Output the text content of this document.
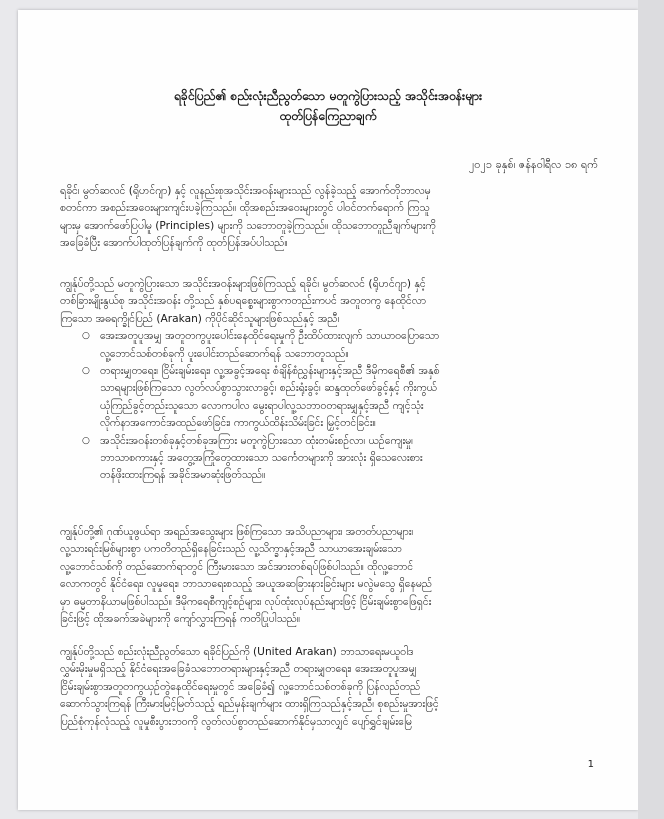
ရခိုင်ပြည်၏ စည်းလုံးညီညွတ်သော မတူကွဲပြားသည့် အသိုင်းအဝန်းများ
ထုတ်ပြန်ကြေညာချက်
၂၀၂၁ ခုနှစ်၊ ဇန်နဝါရီလ ၁၈ ရက်
ရခိုင်၊ မွတ်ဆလင် (ရိုဟင်ဂျာ) နှင့် လူနည်းစုအသိုင်းအဝန်းများသည် လွန်ခဲ့သည့် အောက်တိုဘာလမှ
စတင်ကာ အစည်းအဝေးများကျင်းပခဲ့ကြသည်။ ထိုအစည်းအဝေးများတွင် ပါဝင်တက်ရောက် ကြသူ
များမှ အောက်ဖော်ပြပါမူ (Principles) များကို သဘောတူခဲ့ကြသည်။ ထိုသဘောတူညီချက်များကို
အခြေခံပြီး အောက်ပါထုတ်ပြန်ချက်ကို ထုတ်ပြန်အပ်ပါသည်။
ကျွန်ုပ်တို့သည် မတူကွဲပြားသော အသိုင်းအဝန်းများဖြစ်ကြသည့် ရခိုင်၊ မွတ်ဆလင် (ရိုဟင်ဂျာ) နှင့်
တစ်ခြားမျိုးနွယ်စု အသိုင်းအဝန်း တို့သည် နှစ်ပရစ္စေးများစွာကတည်းကပင် အတူတကွ နေထိုင်လာ
ကြသော အဓရက္ခိုင်ပြည် (Arakan) ကိုပိုင်ဆိုင်သူများဖြစ်သည်နှင့် အညီ၊
○ အေးအတူပူအမျှ အတူတကွပူးပေါင်းနေထိုင်ရေးမှုကို ဦးထိပ်ထားလျက် သာယာဝပြောသော
လူ့ဘောင်သစ်တစ်ခုကို ပူးပေါင်းတည်ဆောက်ရန် သဘောတူသည်။
○ တရားမျှတရေး၊ ငြိမ်းချမ်းရေး၊ လူ့အခွင့်အရေး စံချိန်စံညွှန်းများနှင့်အညီ ဒီမိုကရေစီ၏ အနှစ်
သာရများဖြစ်ကြသော လွတ်လပ်စွာသွားလာခွင့်၊ စည်းရုံးခွင့်၊ ဆန္ဒထုတ်ဖော်ခွင့်နှင့် ကိုးကွယ်
ယုံကြည်ခွင့်တည်းသူသော လောကပါလ မွေးရာပါလူ့သဘာဝတရားမျှနှင့်အညီ ကျင့်သုံး
လိုက်နာအကောင်အထည်ဖော်ခြင်း၊ ကာကွယ်ထိန်းသိမ်းခြင်း မြှင့်တင်ခြင်း။
○ အသိုင်းအဝန်းတစ်ခုနှင့်တစ်ခုအကြား မတူကွဲပြားသော ထုံးတမ်းစဉ်လာ၊ ယဉ်ကျေးမှု၊
ဘာသာစကားနှင့် အတွေ့အကြုံတွေထားသော သင်္ကေတများကို အားလုံး ရှိသေလေးစား
တန်ဖိုးထားကြရန် အခိုင်အမာဆုံးဖြတ်သည်။
ကျွန်ုပ်တို့၏ ဂုဏ်ယူဖွယ်ရာ အရည်အသွေးများ ဖြစ်ကြသော အသိပညာများ၊ အတတ်ပညာများ၊
လူ့သားရင်းမြစ်များစွာ ပကတိတည်ရှိနေခြင်းသည် လူ့သိက္ခာနှင့်အညီ သာယာအေးချမ်းသော
လူ့ဘောင်သစ်ကို တည်ဆောက်ရာတွင် ကြီးမားသော အင်အားတစ်ရပ်ဖြစ်ပါသည်။ ထိုလူ့ဘောင်
လောကတွင် နိုင်ငံရေး၊ လူမှုရေး၊ ဘာသာရေးစသည့် အယူအဆခြားနားခြင်းများ မလွဲမသွေ ရှိနေမည်
မှာ ဓမ္မတာနိယာမဖြစ်ပါသည်။ ဒီမိုကရေစီကျင့်စဉ်များ၊ လုပ်ထုံးလုပ်နည်းများဖြင့် ငြိမ်းချမ်းစွာဖြေရှင်း
ခြင်းဖြင့် ထိုအခက်အခဲများကို ကျော်လွှားကြရန် ကတိပြုပါသည်။
ကျွန်ုပ်တို့သည် စည်းလုံးညီညွတ်သော ရခိုင်ပြည်ကို (United Arakan) ဘာသာရေးမယူဝါဒ
လွှမ်းမိုးမှုမရှိသည့် နိုင်ငံရေးအခြေခံသဘောတရားများနှင့်အညီ တရားမျှတရေး၊ အေးအတူပူအမျှ
ငြိမ်းချမ်းစွာအတူတကွယှဉ်တွဲနေထိုင်ရေးမှုတွင် အခြေခံ၍ လူ့ဘောင်သစ်တစ်ခုကို ပြန်လည်တည်
ဆောက်သွားကြရန် ကြီးမားမြင့်မြတ်သည့် ရည်မှန်းချက်များ ထားရှိကြသည်နှင့်အညီ၊ စုစည်းမှုအားဖြင့်
ပြည်စုံကုန်လုံသည့် လူမှုစီးပွားဘဝကို လွတ်လပ်စွာတည်ဆောက်နိုင်မှသာလျှင် ပျော်ရွှင်ချမ်းမြေ
1
